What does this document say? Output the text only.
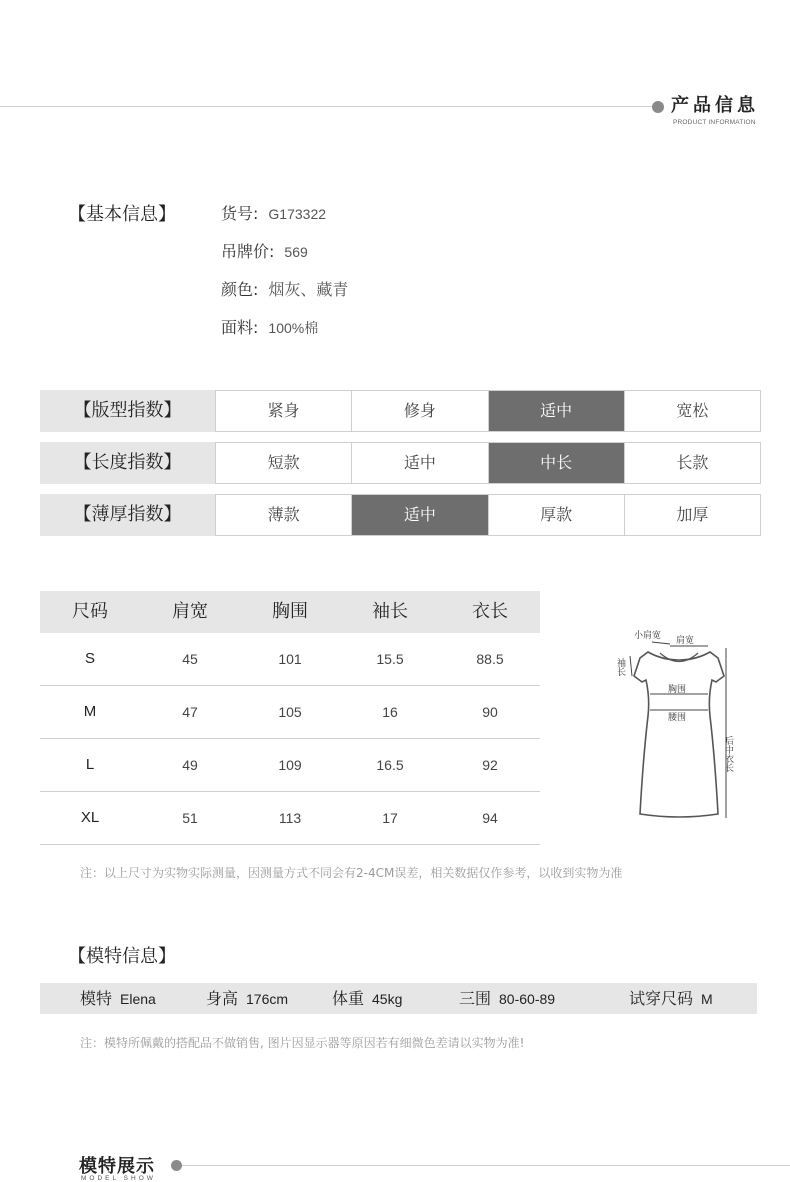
产品信息
PRODUCT INFORMATION
【基本信息】	货号: G173322
吊牌价: 569
颜色: 烟灰、藏青
面料: 100%棉
【版型指数】	紧身	修身	适中	宽松
【长度指数】	短款	适中	中长	长款
【薄厚指数】	薄款	适中	厚款	加厚
尺码	肩宽	胸围	袖长	衣长
S	45	101	15.5	88.5
M	47	105	16	90
L	49	109	16.5	92
XL	51	113	17	94
小肩宽 肩宽
袖长
胸围
腰围
后中衣长
注：以上尺寸为实物实际测量，因测量方式不同会有2-4CM误差，相关数据仅作参考，以收到实物为准
【模特信息】
模特 Elena	身高 176cm	体重 45kg	三围 80-60-89	试穿尺码 M
注：模特所佩戴的搭配品不做销售, 图片因显示器等原因若有细微色差请以实物为准!
模特展示
MODEL SHOW
